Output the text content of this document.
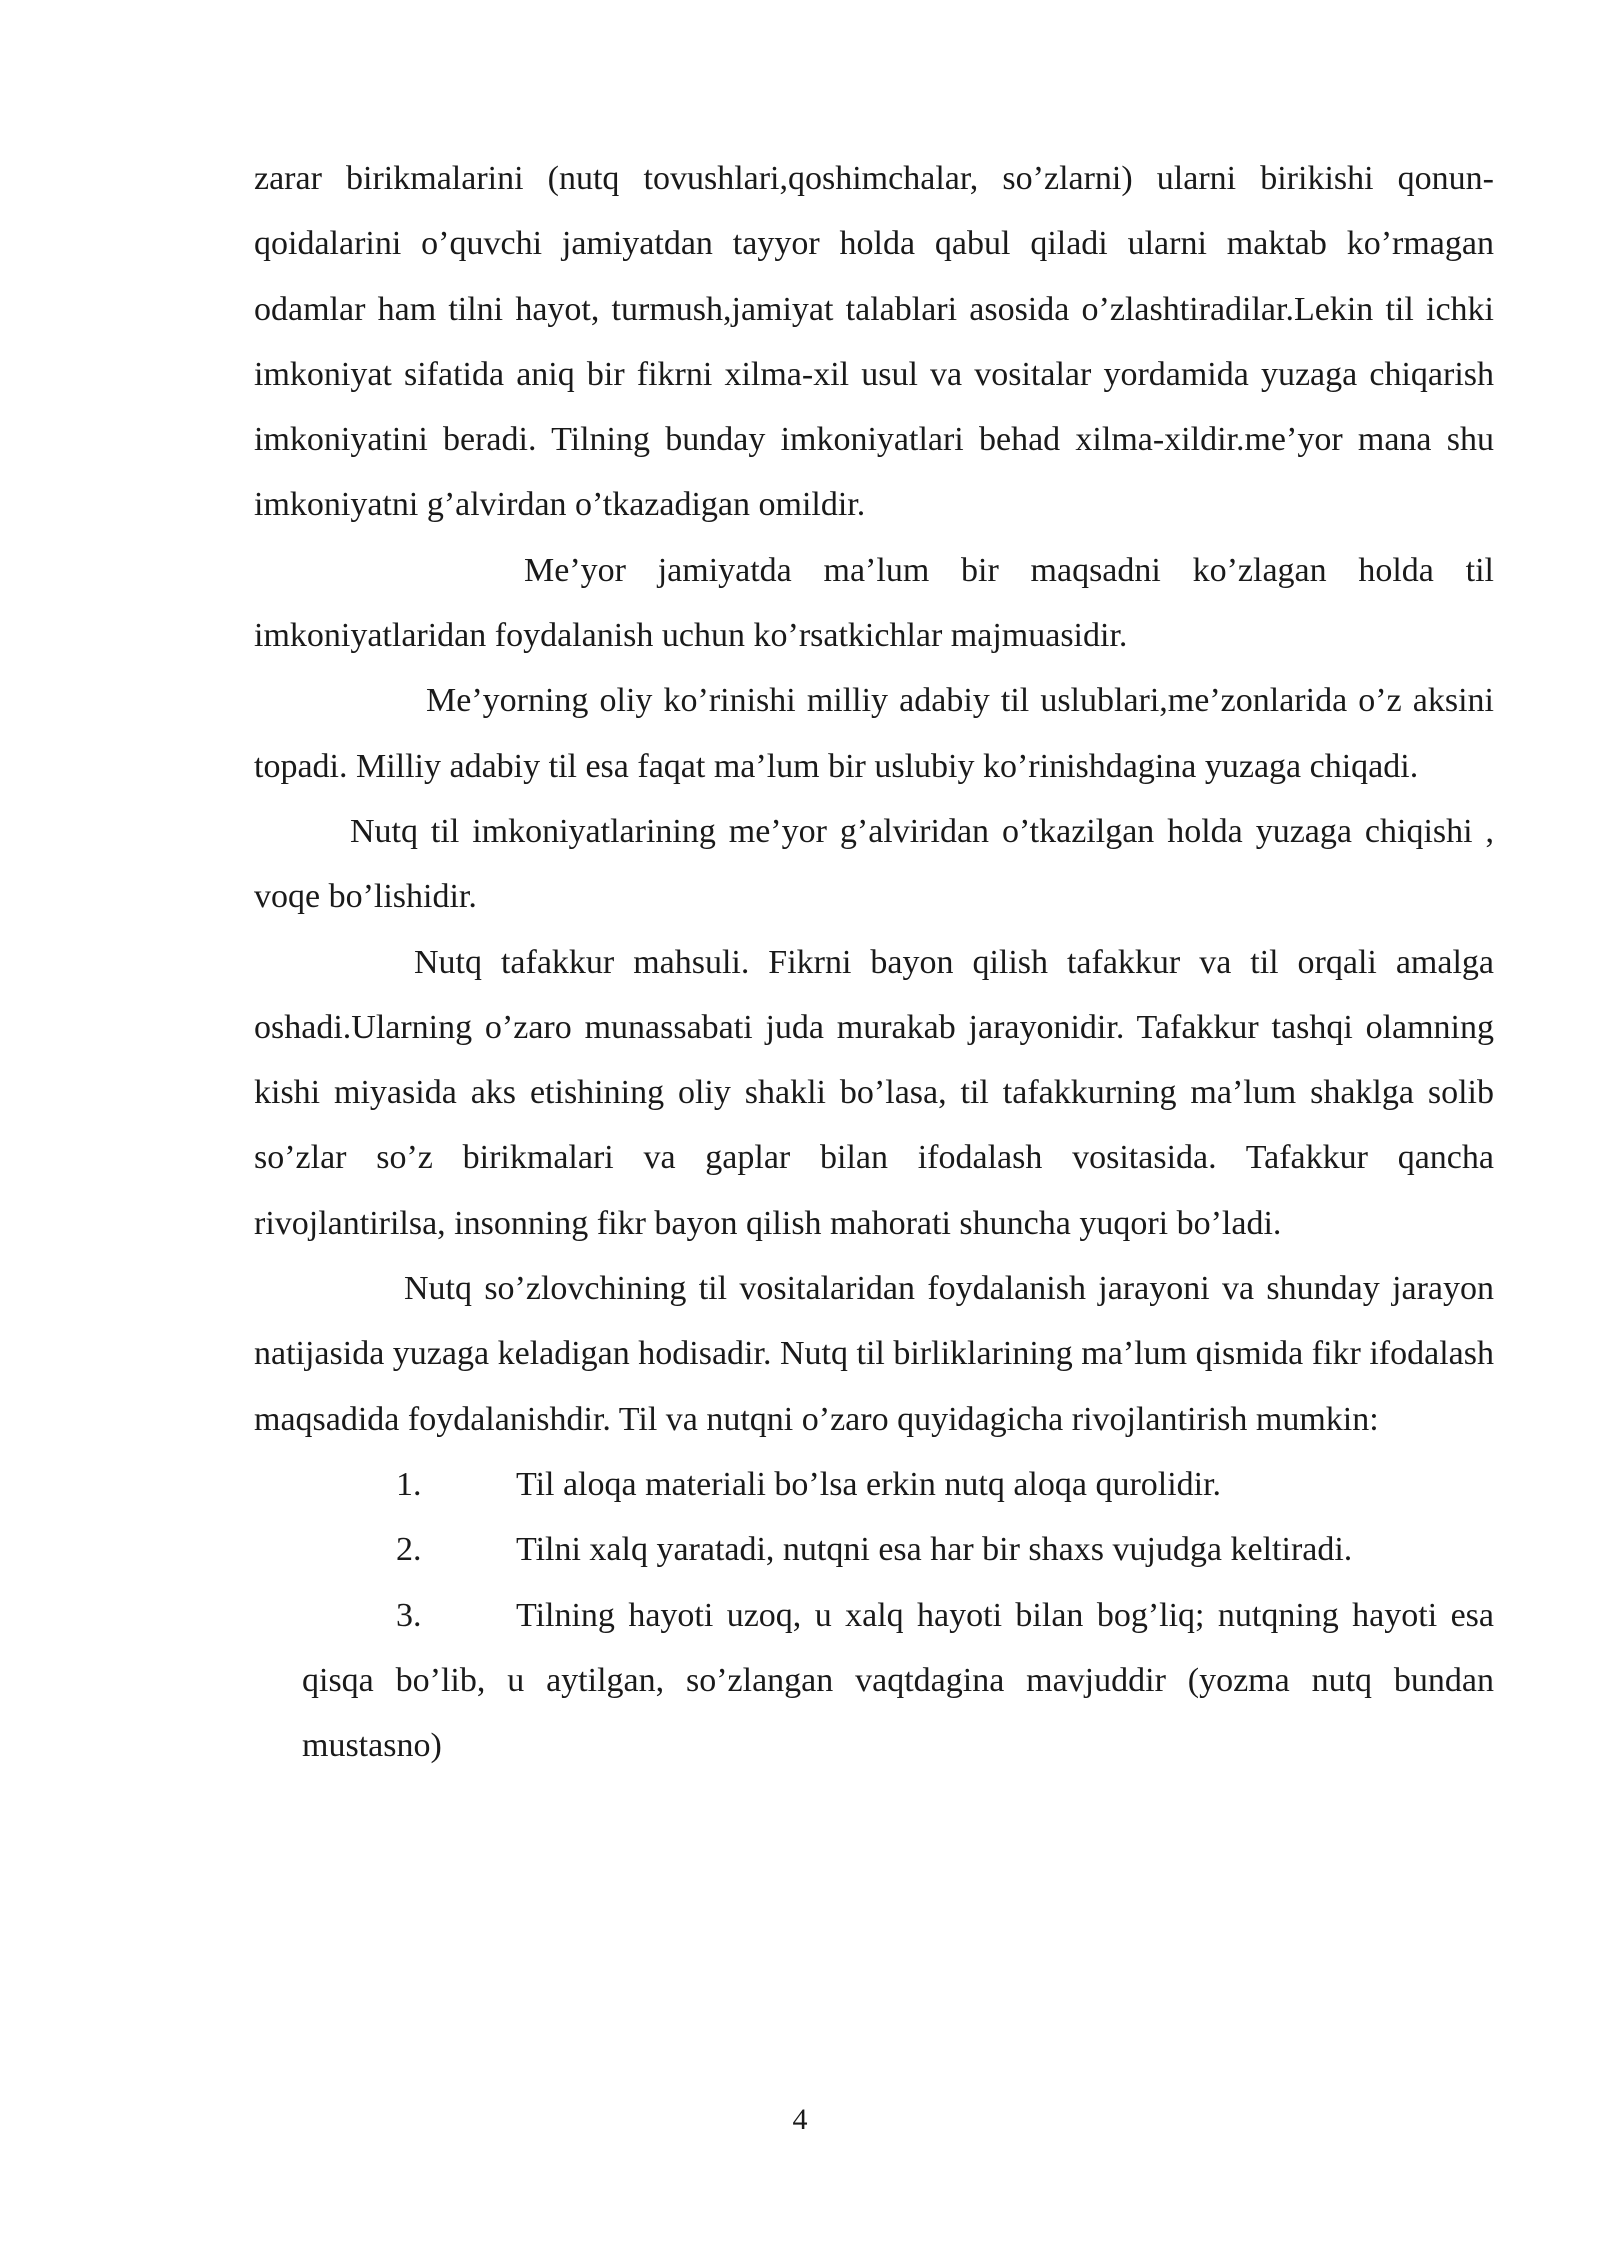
zarar birikmalarini (nutq tovushlari,qoshimchalar, so’zlarni) ularni birikishi qonun-qoidalarini o’quvchi jamiyatdan tayyor holda qabul qiladi ularni maktab ko’rmagan odamlar ham tilni hayot, turmush,jamiyat talablari asosida o’zlashtiradilar.Lekin til ichki imkoniyat sifatida aniq bir fikrni xilma-xil usul va vositalar yordamida yuzaga chiqarish imkoniyatini beradi. Tilning bunday imkoniyatlari behad xilma-xildir.me’yor mana shu imkoniyatni g’alvirdan o’tkazadigan omildir.

Me’yor jamiyatda ma’lum bir maqsadni ko’zlagan holda til imkoniyatlaridan foydalanish uchun ko’rsatkichlar majmuasidir.

Me’yorning oliy ko’rinishi milliy adabiy til uslublari,me’zonlarida o’z aksini topadi. Milliy adabiy til esa faqat ma’lum bir uslubiy ko’rinishdagina yuzaga chiqadi.

Nutq til imkoniyatlarining me’yor g’alviridan o’tkazilgan holda yuzaga chiqishi , voqe bo’lishidir.

Nutq tafakkur mahsuli. Fikrni bayon qilish tafakkur va til orqali amalga oshadi.Ularning o’zaro munassabati juda murakab jarayonidir. Tafakkur tashqi olamning kishi miyasida aks etishining oliy shakli bo’lasa, til tafakkurning ma’lum shaklga solib so’zlar so’z birikmalari va gaplar bilan ifodalash vositasida. Tafakkur qancha rivojlantirilsa, insonning fikr bayon qilish mahorati shuncha yuqori bo’ladi.

Nutq so’zlovchining til vositalaridan foydalanish jarayoni va shunday jarayon natijasida yuzaga keladigan hodisadir. Nutq til birliklarining ma’lum qismida fikr ifodalash maqsadida foydalanishdir. Til va nutqni o’zaro quyidagicha rivojlantirish mumkin:

1.	Til aloqa materiali bo’lsa erkin nutq aloqa qurolidir.
2.	Tilni xalq yaratadi, nutqni esa har bir shaxs vujudga keltiradi.
3.	Tilning hayoti uzoq, u xalq hayoti bilan bog’liq; nutqning hayoti esa qisqa bo’lib, u aytilgan, so’zlangan vaqtdagina mavjuddir (yozma nutq bundan mustasno)
4
